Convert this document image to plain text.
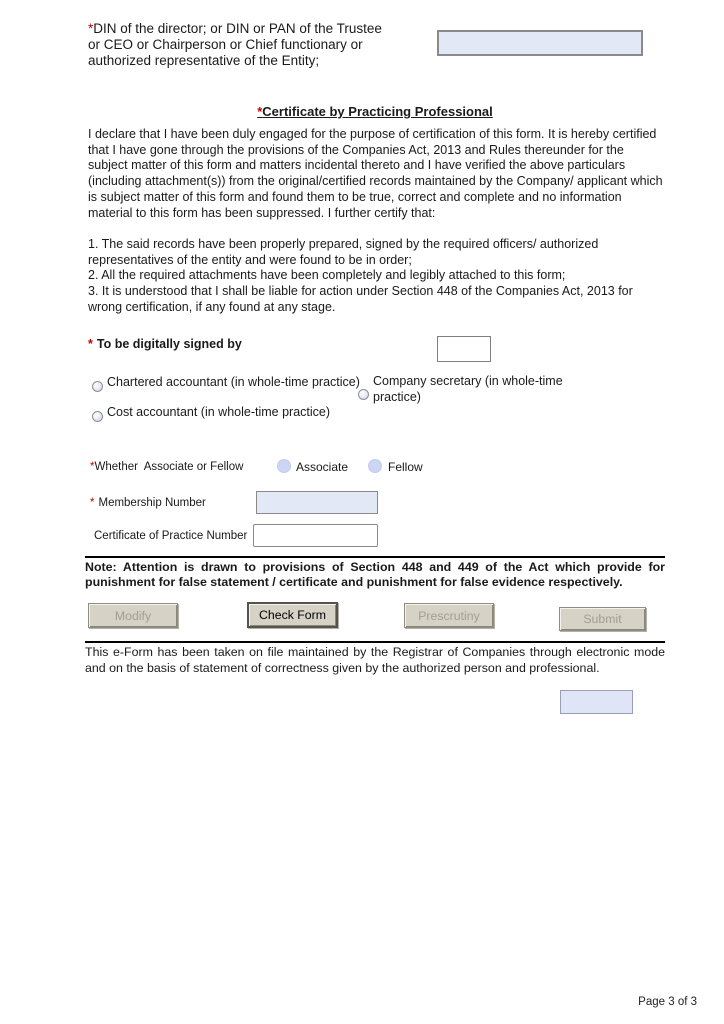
*DIN of the director; or DIN or PAN of the Trustee or CEO or Chairperson or Chief functionary or authorized representative of the Entity;
*Certificate by Practicing Professional
I declare that I have been duly engaged for the purpose of certification of this form. It is hereby certified that I have gone through the provisions of the Companies Act, 2013 and Rules thereunder for the subject matter of this form and matters incidental thereto and I have verified the above particulars (including attachment(s)) from the original/certified records maintained by the Company/ applicant which is subject matter of this form and found them to be true, correct and complete and no information material to this form has been suppressed. I further certify that:

1. The said records have been properly prepared, signed by the required officers/ authorized representatives of the entity and were found to be in order;

2. All the required attachments have been completely and legibly attached to this form;

3. It is understood that I shall be liable for action under Section 448 of the Companies Act, 2013 for wrong certification, if any found at any stage.

* To be digitally signed by
Chartered accountant (in whole-time practice)	Company secretary (in whole-time practice)
Cost accountant (in whole-time practice)
*Whether  Associate or Fellow	Associate	Fellow
* Membership Number
Certificate of Practice Number
Note: Attention is drawn to provisions of Section 448 and 449 of the Act which provide for punishment for false statement / certificate and punishment for false evidence respectively.
Modify	Check Form	Prescrutiny	Submit
This e-Form has been taken on file maintained by the Registrar of Companies through electronic mode and on the basis of statement of correctness given by the authorized person and professional.
Page 3 of 3
